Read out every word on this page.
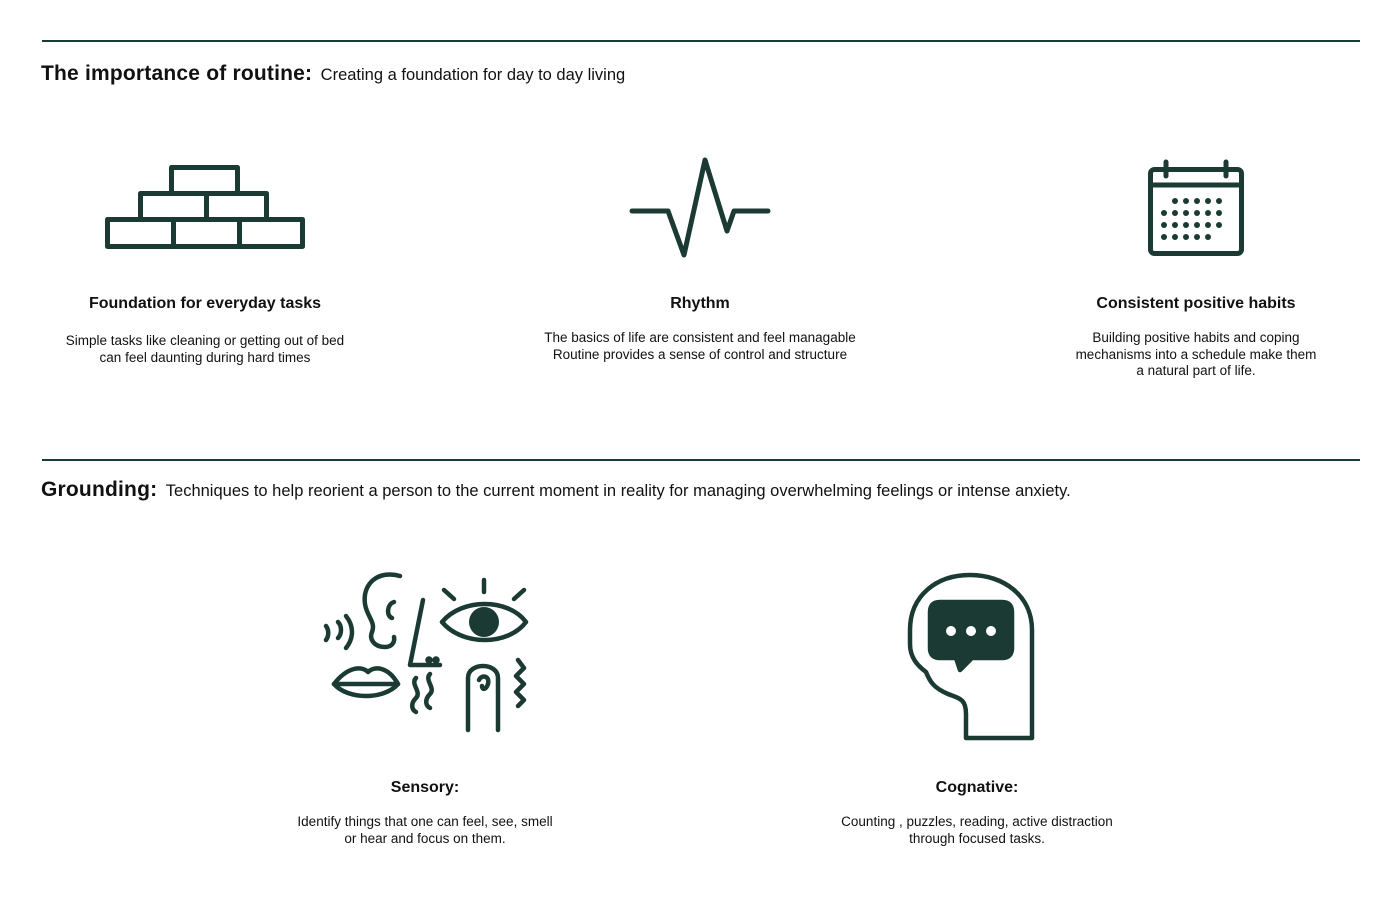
The importance of routine: Creating a foundation for day to day living
Foundation for everyday tasks
Simple tasks like cleaning or getting out of bed
can feel daunting during hard times
Rhythm
The basics of life are consistent and feel managable
Routine provides a sense of control and structure
Consistent positive habits
Building positive habits and coping
mechanisms into a schedule make them
a natural part of life.
Grounding: Techniques to help reorient a person to the current moment in reality for managing overwhelming feelings or intense anxiety.
Sensory:
Identify things that one can feel, see, smell
or hear and focus on them.
Cognative:
Counting , puzzles, reading, active distraction
through focused tasks.
